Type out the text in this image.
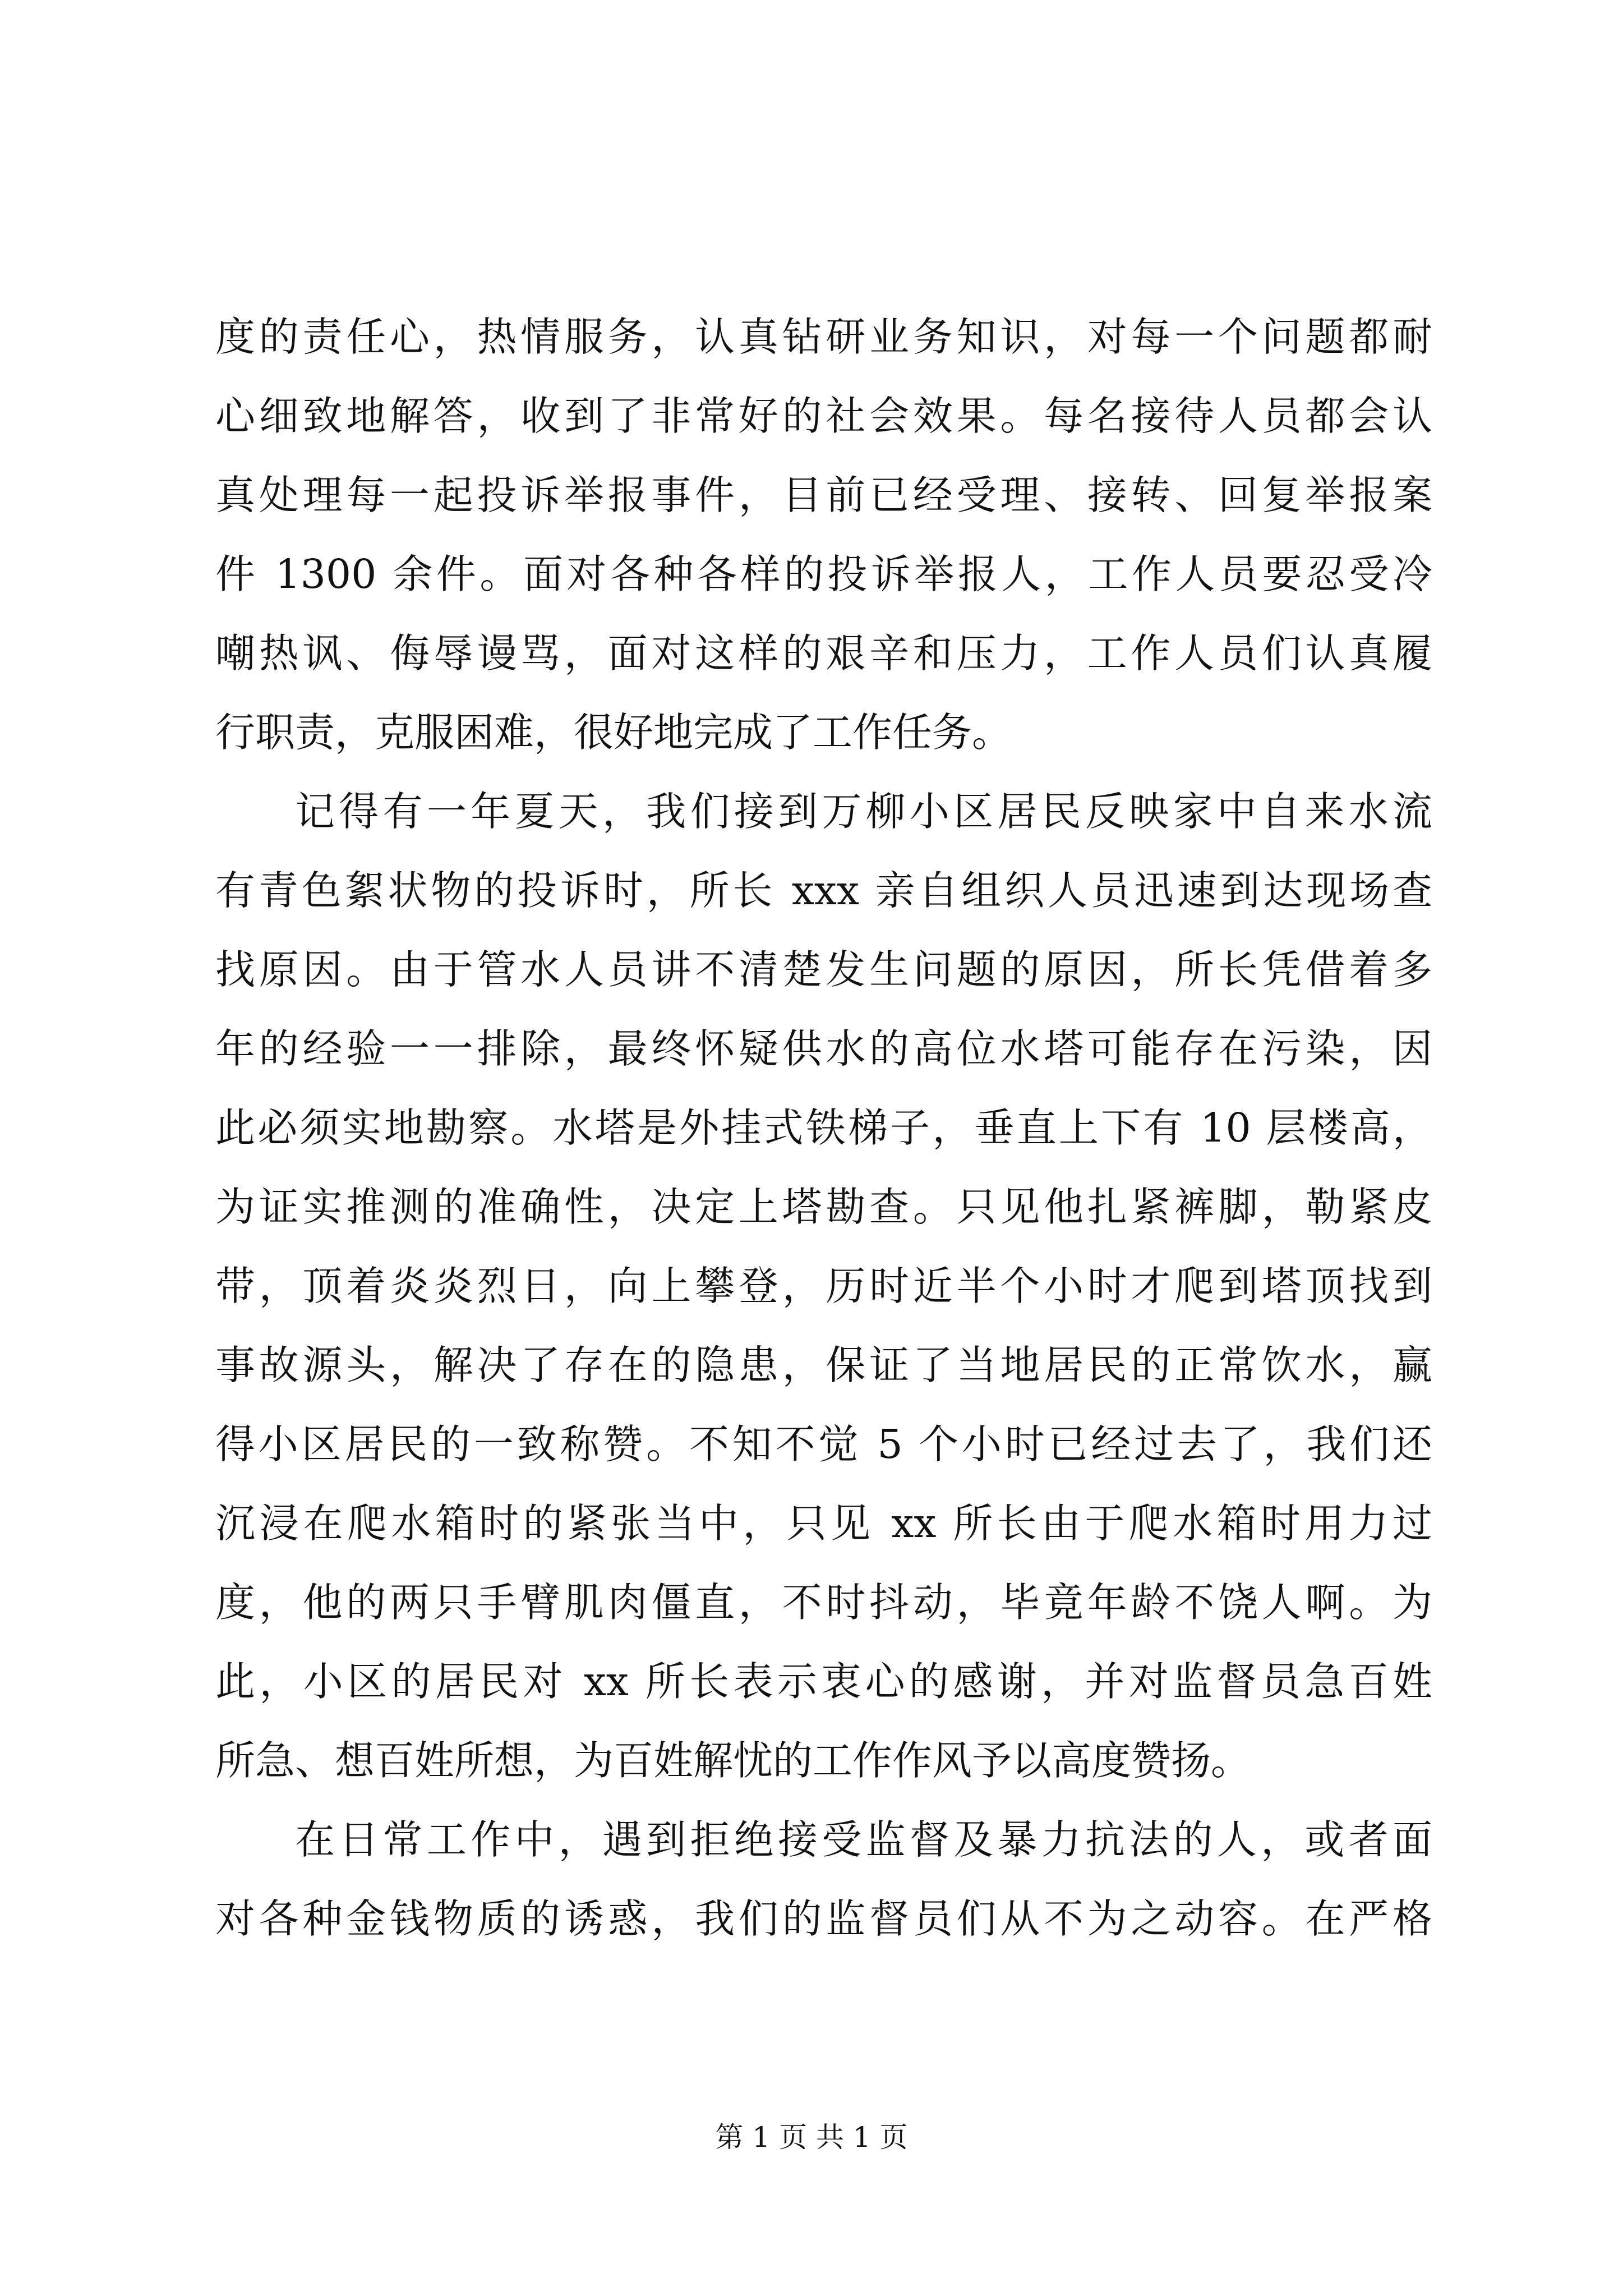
度的责任心，热情服务，认真钻研业务知识，对每一个问题都耐
心细致地解答，收到了非常好的社会效果。每名接待人员都会认
真处理每一起投诉举报事件，目前已经受理、接转、回复举报案
件 1300 余件。面对各种各样的投诉举报人，工作人员要忍受冷
嘲热讽、侮辱谩骂，面对这样的艰辛和压力，工作人员们认真履
行职责，克服困难，很好地完成了工作任务。
记得有一年夏天，我们接到万柳小区居民反映家中自来水流
有青色絮状物的投诉时，所长 xxx 亲自组织人员迅速到达现场查
找原因。由于管水人员讲不清楚发生问题的原因，所长凭借着多
年的经验一一排除，最终怀疑供水的高位水塔可能存在污染，因
此必须实地勘察。水塔是外挂式铁梯子，垂直上下有 10 层楼高，
为证实推测的准确性，决定上塔勘查。只见他扎紧裤脚，勒紧皮
带，顶着炎炎烈日，向上攀登，历时近半个小时才爬到塔顶找到
事故源头，解决了存在的隐患，保证了当地居民的正常饮水，赢
得小区居民的一致称赞。不知不觉 5 个小时已经过去了，我们还
沉浸在爬水箱时的紧张当中，只见 xx 所长由于爬水箱时用力过
度，他的两只手臂肌肉僵直，不时抖动，毕竟年龄不饶人啊。为
此，小区的居民对 xx 所长表示衷心的感谢，并对监督员急百姓
所急、想百姓所想，为百姓解忧的工作作风予以高度赞扬。
在日常工作中，遇到拒绝接受监督及暴力抗法的人，或者面
对各种金钱物质的诱惑，我们的监督员们从不为之动容。在严格
第 1 页 共 1 页
